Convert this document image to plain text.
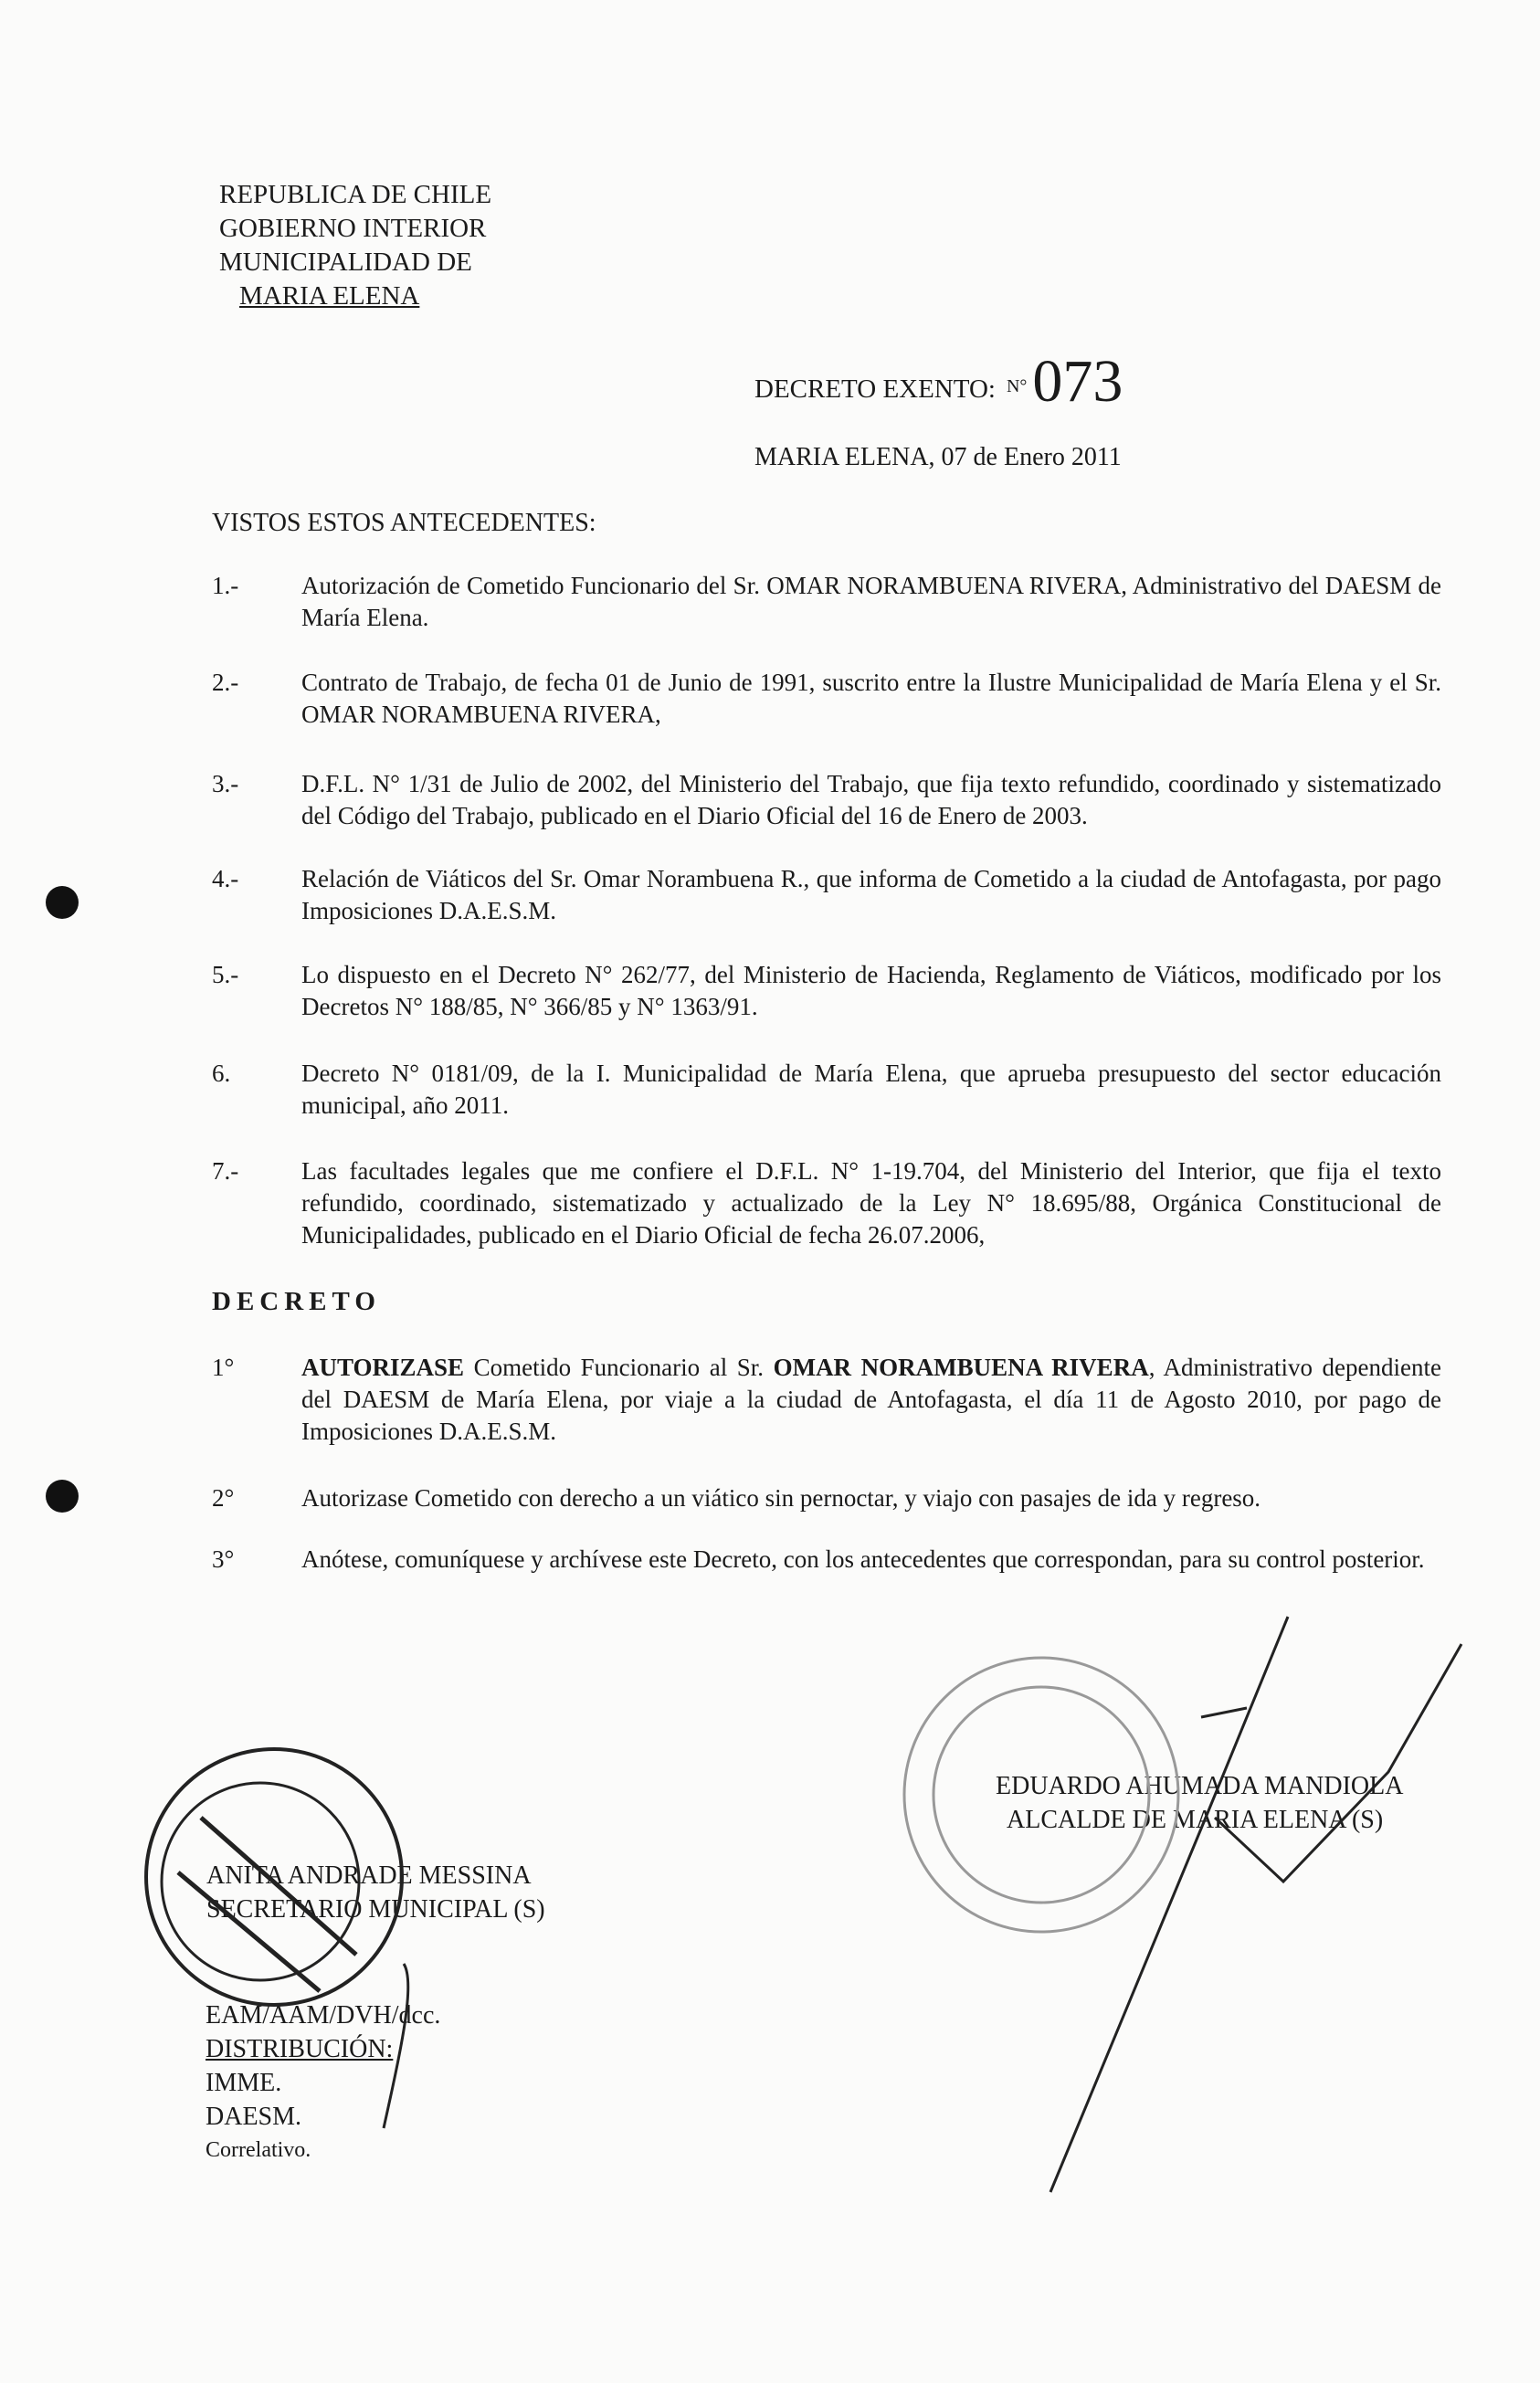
REPUBLICA DE CHILE
GOBIERNO INTERIOR
MUNICIPALIDAD DE
MARIA ELENA
DECRETO EXENTO: $^{N^\circ}$073
MARIA ELENA, 07 de Enero 2011
VISTOS ESTOS ANTECEDENTES:
1.-	Autorización de Cometido Funcionario del Sr. OMAR NORAMBUENA RIVERA, Administrativo del DAESM de María Elena.
2.-	Contrato de Trabajo, de fecha 01 de Junio de 1991, suscrito entre la Ilustre Municipalidad de María Elena y el Sr. OMAR NORAMBUENA RIVERA,
3.-	D.F.L. N° 1/31 de Julio de 2002, del Ministerio del Trabajo, que fija texto refundido, coordinado y sistematizado del Código del Trabajo, publicado en el Diario Oficial del 16 de Enero de 2003.
4.-	Relación de Viáticos del Sr. Omar Norambuena R., que informa de Cometido a la ciudad de Antofagasta, por pago Imposiciones D.A.E.S.M.
5.-	Lo dispuesto en el Decreto N° 262/77, del Ministerio de Hacienda, Reglamento de Viáticos, modificado por los Decretos N° 188/85, N° 366/85 y N° 1363/91.
6.	Decreto N° 0181/09, de la I. Municipalidad de María Elena, que aprueba presupuesto del sector educación municipal, año 2011.
7.-	Las facultades legales que me confiere el D.F.L. N° 1-19.704, del Ministerio del Interior, que fija el texto refundido, coordinado, sistematizado y actualizado de la Ley N° 18.695/88, Orgánica Constitucional de Municipalidades, publicado en el Diario Oficial de fecha 26.07.2006,
DECRETO
1°	AUTORIZASE Cometido Funcionario al Sr. OMAR NORAMBUENA RIVERA, Administrativo dependiente del DAESM de María Elena, por viaje a la ciudad de Antofagasta, el día 11 de Agosto 2010, por pago de Imposiciones D.A.E.S.M.
2°	Autorizase Cometido con derecho a un viático sin pernoctar, y viajo con pasajes de ida y regreso.
3°	Anótese, comuníquese y archívese este Decreto, con los antecedentes que correspondan, para su control posterior.
EDUARDO AHUMADA MANDIOLA
ALCALDE DE MARIA ELENA (S)
ANITA ANDRADE MESSINA
SECRETARIO MUNICIPAL (S)
EAM/AAM/DVH/dcc.
DISTRIBUCIÓN:
IMME.
DAESM.
Correlativo.
